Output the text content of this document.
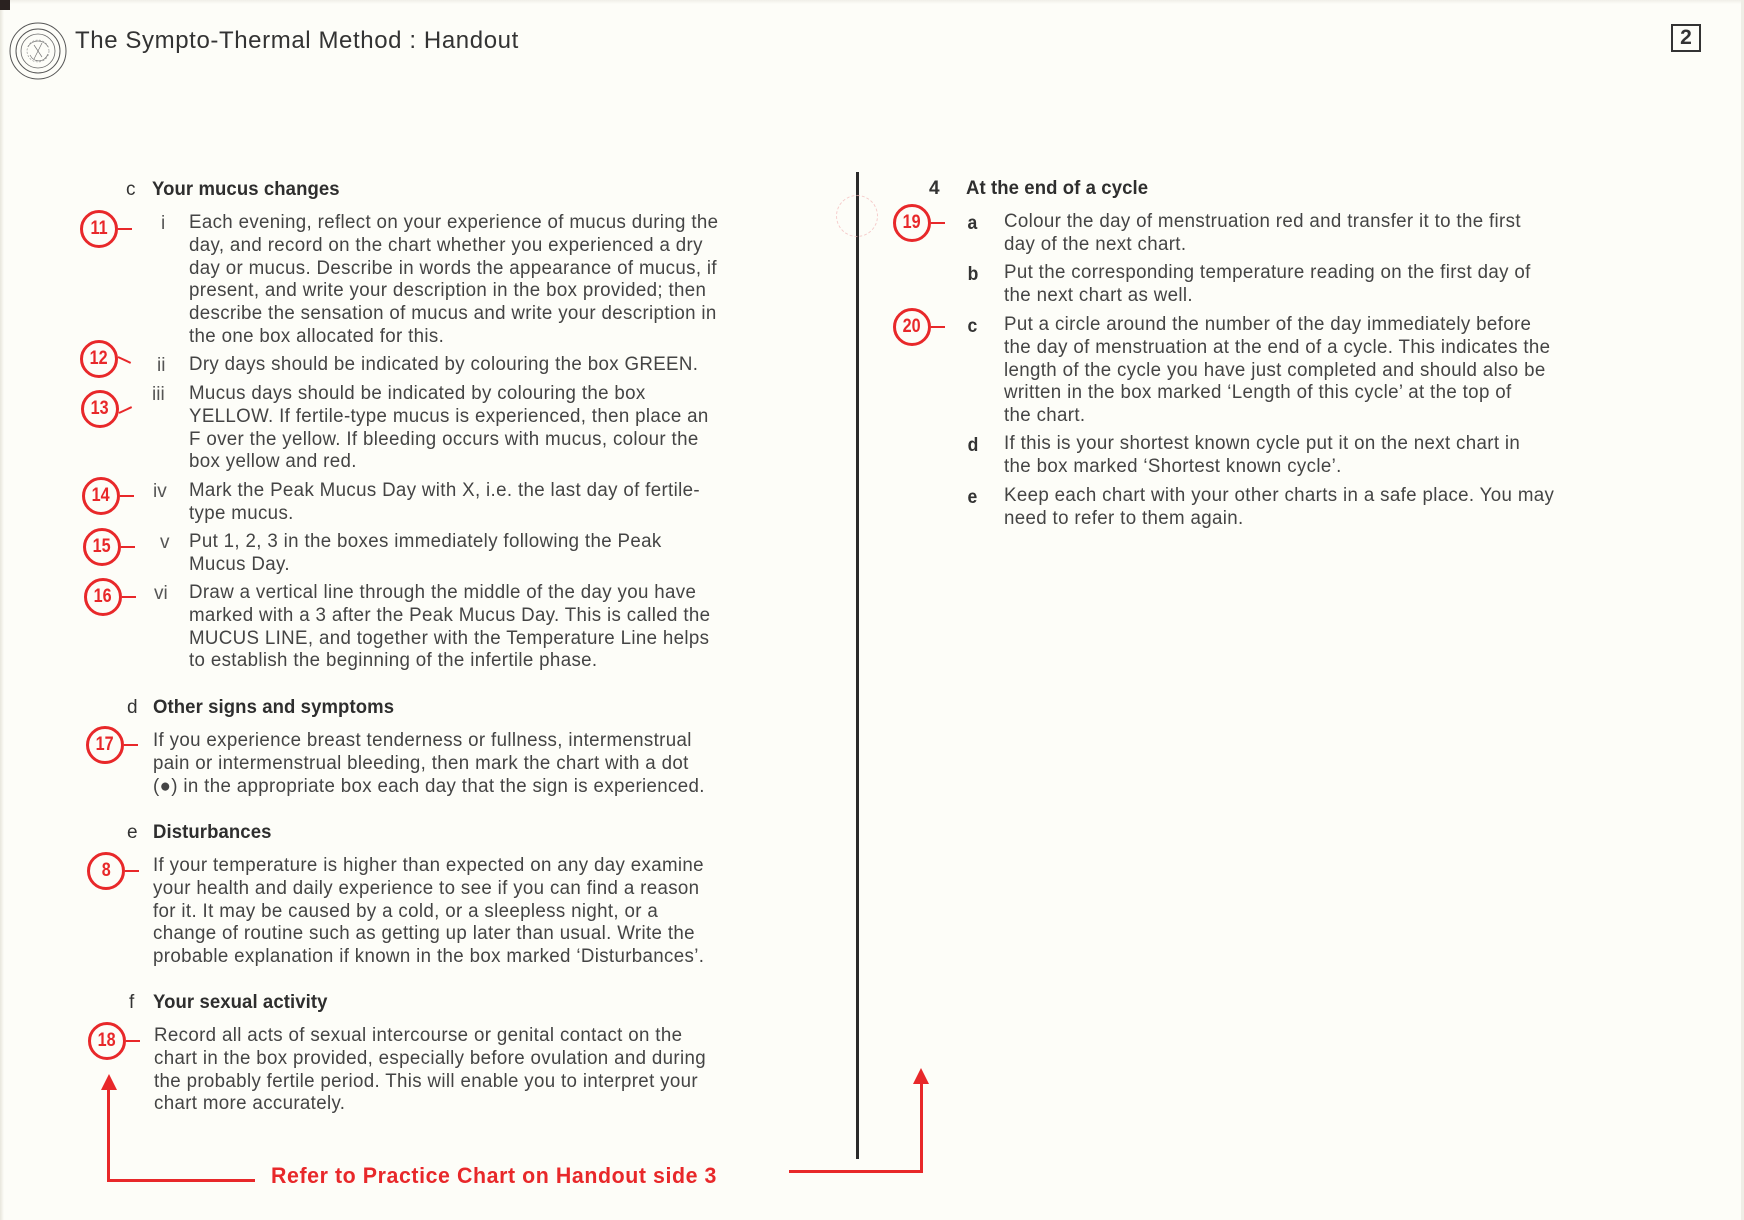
The Sympto-Thermal Method : Handout	2
c Your mucus changes
11	i Each evening, reflect on your experience of mucus during the
day, and record on the chart whether you experienced a dry
day or mucus. Describe in words the appearance of mucus, if
present, and write your description in the box provided; then
describe the sensation of mucus and write your description in
the one box allocated for this.
12	ii Dry days should be indicated by colouring the box GREEN.
13
iii Mucus days should be indicated by colouring the box
YELLOW. If fertile-type mucus is experienced, then place an
F over the yellow. If bleeding occurs with mucus, colour the
box yellow and red.
14 iv Mark the Peak Mucus Day with X, i.e. the last day of fertile-
type mucus.
15	v Put 1, 2, 3 in the boxes immediately following the Peak
Mucus Day.
16 vi Draw a vertical line through the middle of the day you have
marked with a 3 after the Peak Mucus Day. This is called the
MUCUS LINE, and together with the Temperature Line helps
to establish the beginning of the infertile phase.
d Other signs and symptoms
17 If you experience breast tenderness or fullness, intermenstrual
pain or intermenstrual bleeding, then mark the chart with a dot
(●) in the appropriate box each day that the sign is experienced.
e Disturbances
8 If your temperature is higher than expected on any day examine
your health and daily experience to see if you can find a reason
for it. It may be caused by a cold, or a sleepless night, or a
change of routine such as getting up later than usual. Write the
probable explanation if known in the box marked ‘Disturbances’.
f Your sexual activity
18 Record all acts of sexual intercourse or genital contact on the
chart in the box provided, especially before ovulation and during
the probably fertile period. This will enable you to interpret your
chart more accurately.
4 At the end of a cycle
19 a Colour the day of menstruation red and transfer it to the first
day of the next chart.
b Put the corresponding temperature reading on the first day of
the next chart as well.
20 c Put a circle around the number of the day immediately before
the day of menstruation at the end of a cycle. This indicates the
length of the cycle you have just completed and should also be
written in the box marked ‘Length of this cycle’ at the top of
the chart.
d If this is your shortest known cycle put it on the next chart in
the box marked ‘Shortest known cycle’.
e Keep each chart with your other charts in a safe place. You may
need to refer to them again.
Refer to Practice Chart on Handout side 3
